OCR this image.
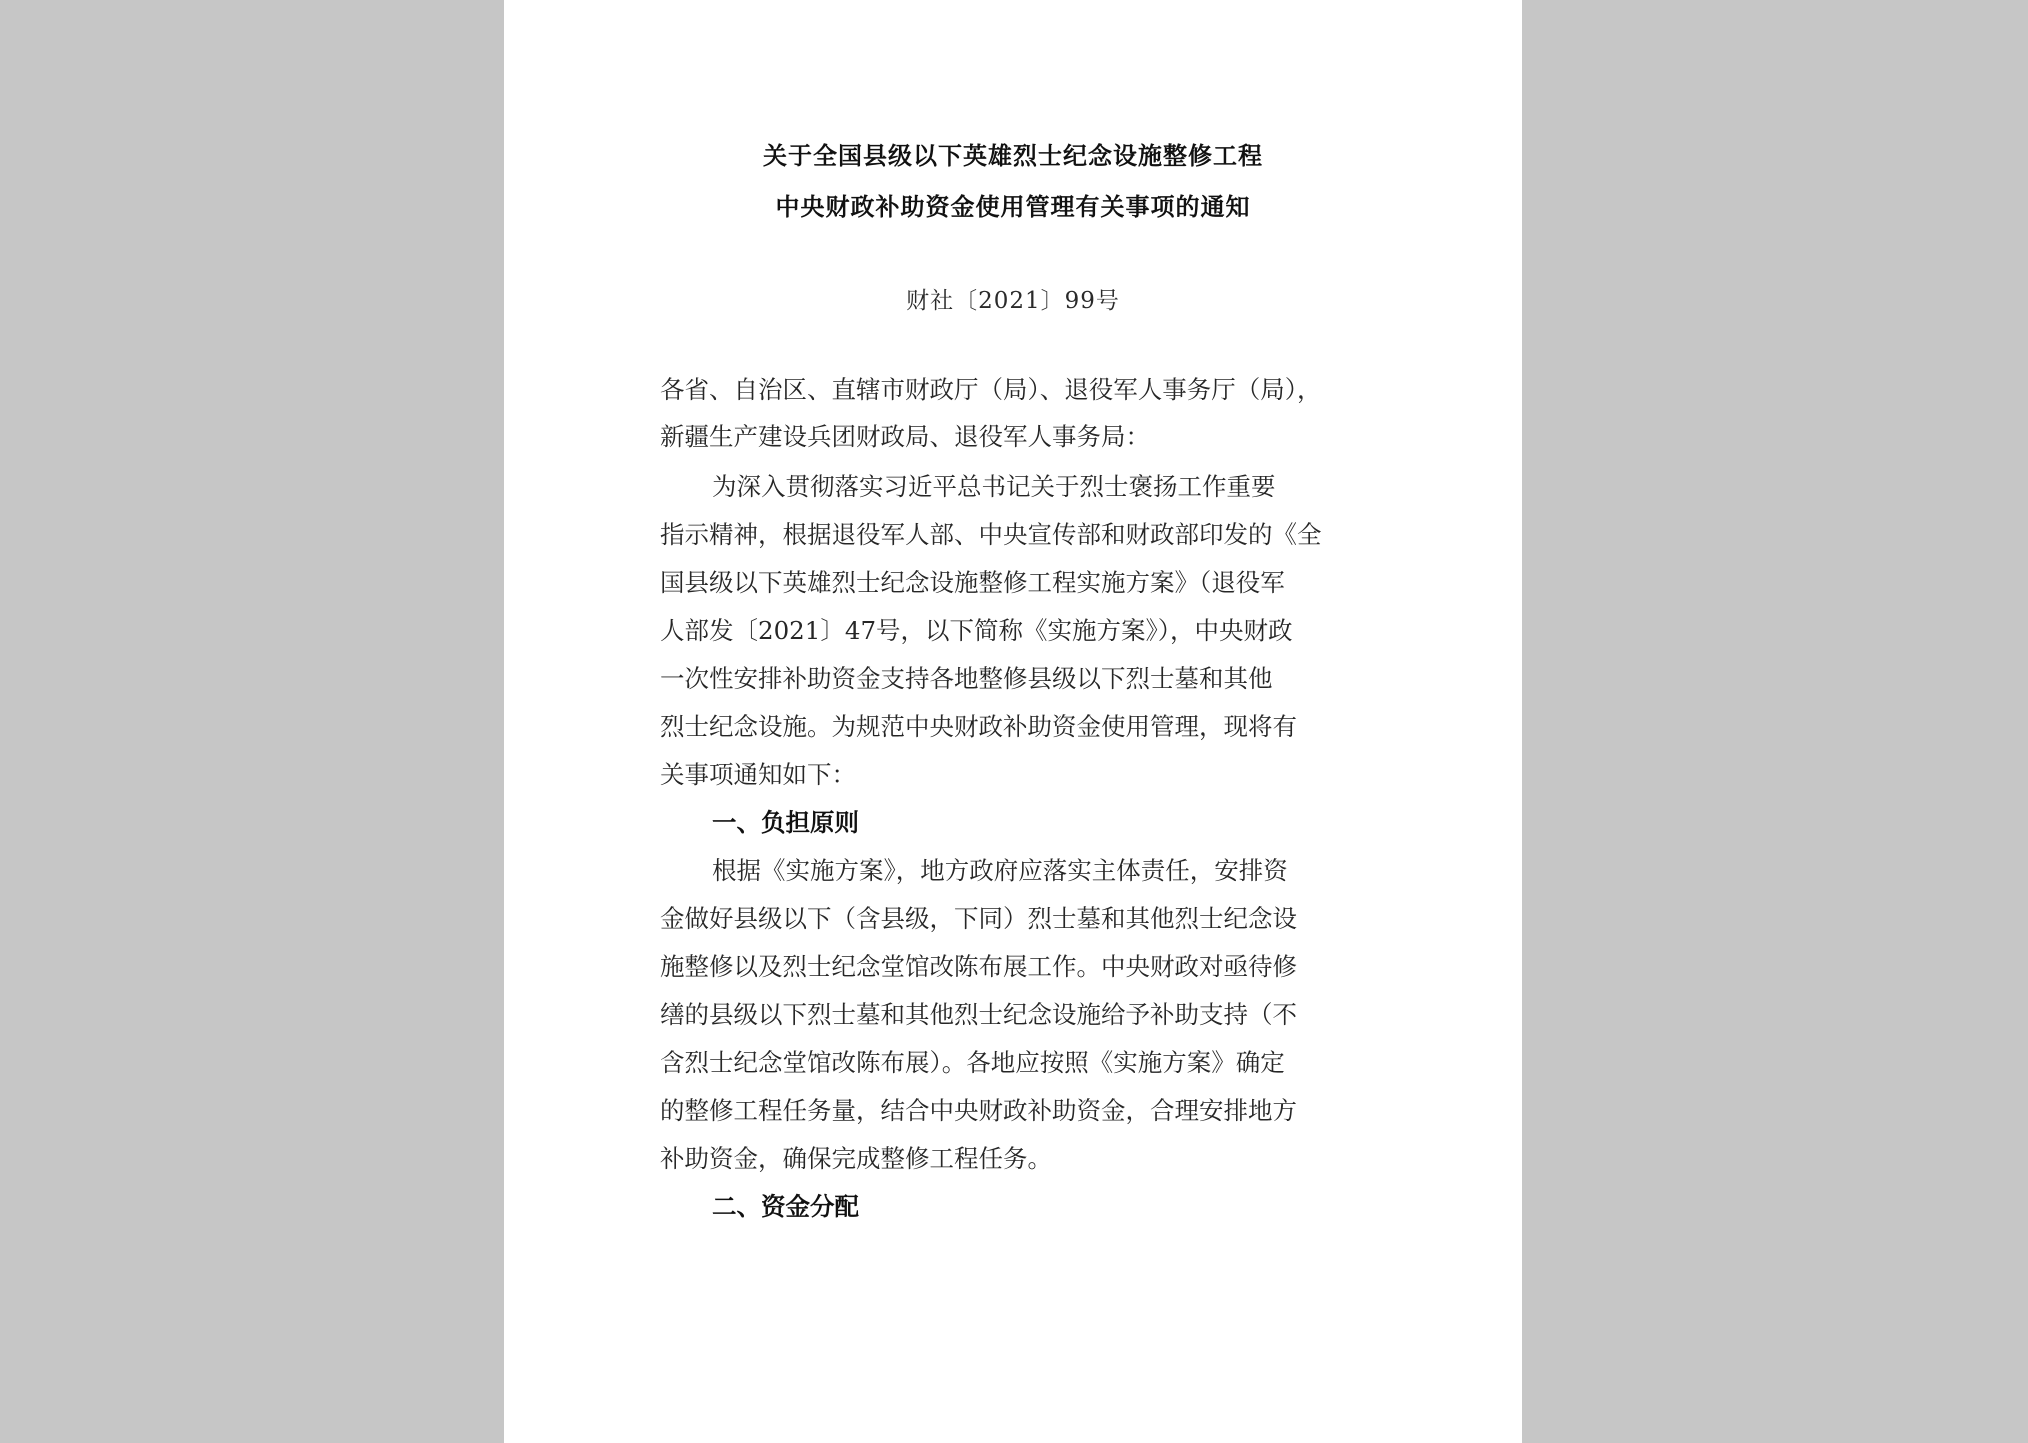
关于全国县级以下英雄烈士纪念设施整修工程
中央财政补助资金使用管理有关事项的通知
财社〔2021〕99号
各省、自治区、直辖市财政厅（局）、退役军人事务厅（局），
新疆生产建设兵团财政局、退役军人事务局：
为深入贯彻落实习近平总书记关于烈士褒扬工作重要
指示精神，根据退役军人部、中央宣传部和财政部印发的《全
国县级以下英雄烈士纪念设施整修工程实施方案》（退役军
人部发〔2021〕47号，以下简称《实施方案》），中央财政
一次性安排补助资金支持各地整修县级以下烈士墓和其他
烈士纪念设施。为规范中央财政补助资金使用管理，现将有
关事项通知如下：
一、负担原则
根据《实施方案》，地方政府应落实主体责任，安排资
金做好县级以下（含县级，下同）烈士墓和其他烈士纪念设
施整修以及烈士纪念堂馆改陈布展工作。中央财政对亟待修
缮的县级以下烈士墓和其他烈士纪念设施给予补助支持（不
含烈士纪念堂馆改陈布展）。各地应按照《实施方案》确定
的整修工程任务量，结合中央财政补助资金，合理安排地方
补助资金，确保完成整修工程任务。
二、资金分配
